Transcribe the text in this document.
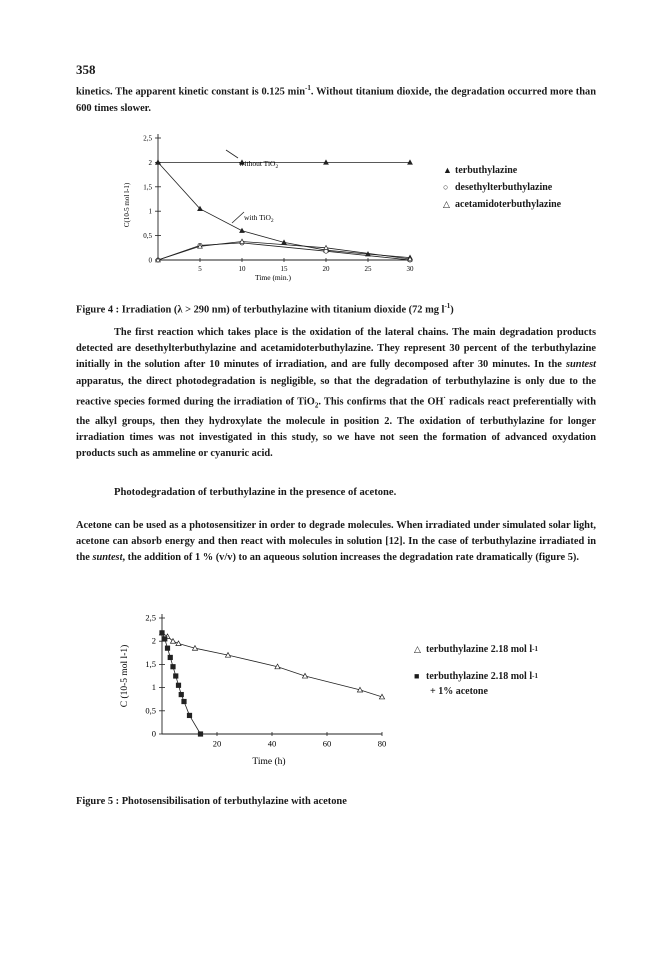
358
kinetics. The apparent kinetic constant is 0.125 $\min^{-1}$. Without titanium dioxide, the degradation occurred more than 600 times slower.
0
0,5
1
1,5
2
2,5
5	10	15	20	25	30
Time (min.)
C(10-5 mol l-1)
without TiO$_2$
with TiO$_2$
▲ terbuthylazine
○ desethylterbuthylazine
△ acetamidoterbuthylazine
Figure 4 : Irradiation (λ > 290 nm) of terbuthylazine with titanium dioxide (72 mg $l^{-1}$)
The first reaction which takes place is the oxidation of the lateral chains. The main degradation products detected are desethylterbuthylazine and acetamidoterbuthylazine. They represent 30 percent of the terbuthylazine initially in the solution after 10 minutes of irradiation, and are fully decomposed after 30 minutes. In the suntest apparatus, the direct photodegradation is negligible, so that the degradation of terbuthylazine is only due to the reactive species formed during the irradiation of TiO$_2$. This confirms that the OH· radicals react preferentially with the alkyl groups, then they hydroxylate the molecule in position 2. The oxidation of terbuthylazine for longer irradiation times was not investigated in this study, so we have not seen the formation of advanced oxydation products such as ammeline or cyanuric acid.
Photodegradation of terbuthylazine in the presence of acetone.
Acetone can be used as a photosensitizer in order to degrade molecules. When irradiated under simulated solar light, acetone can absorb energy and then react with molecules in solution [12]. In the case of terbuthylazine irradiated in the suntest, the addition of 1 % (v/v) to an aqueous solution increases the degradation rate dramatically (figure 5).
0
0,5
1
1,5
2
2,5
20	40	60	80
Time (h)
C (10-5 mol l-1)	△ terbuthylazine 2.18 mol l -1
■ terbuthylazine 2.18 mol l -1
+ 1% acetone
Figure 5 : Photosensibilisation of terbuthylazine with acetone
